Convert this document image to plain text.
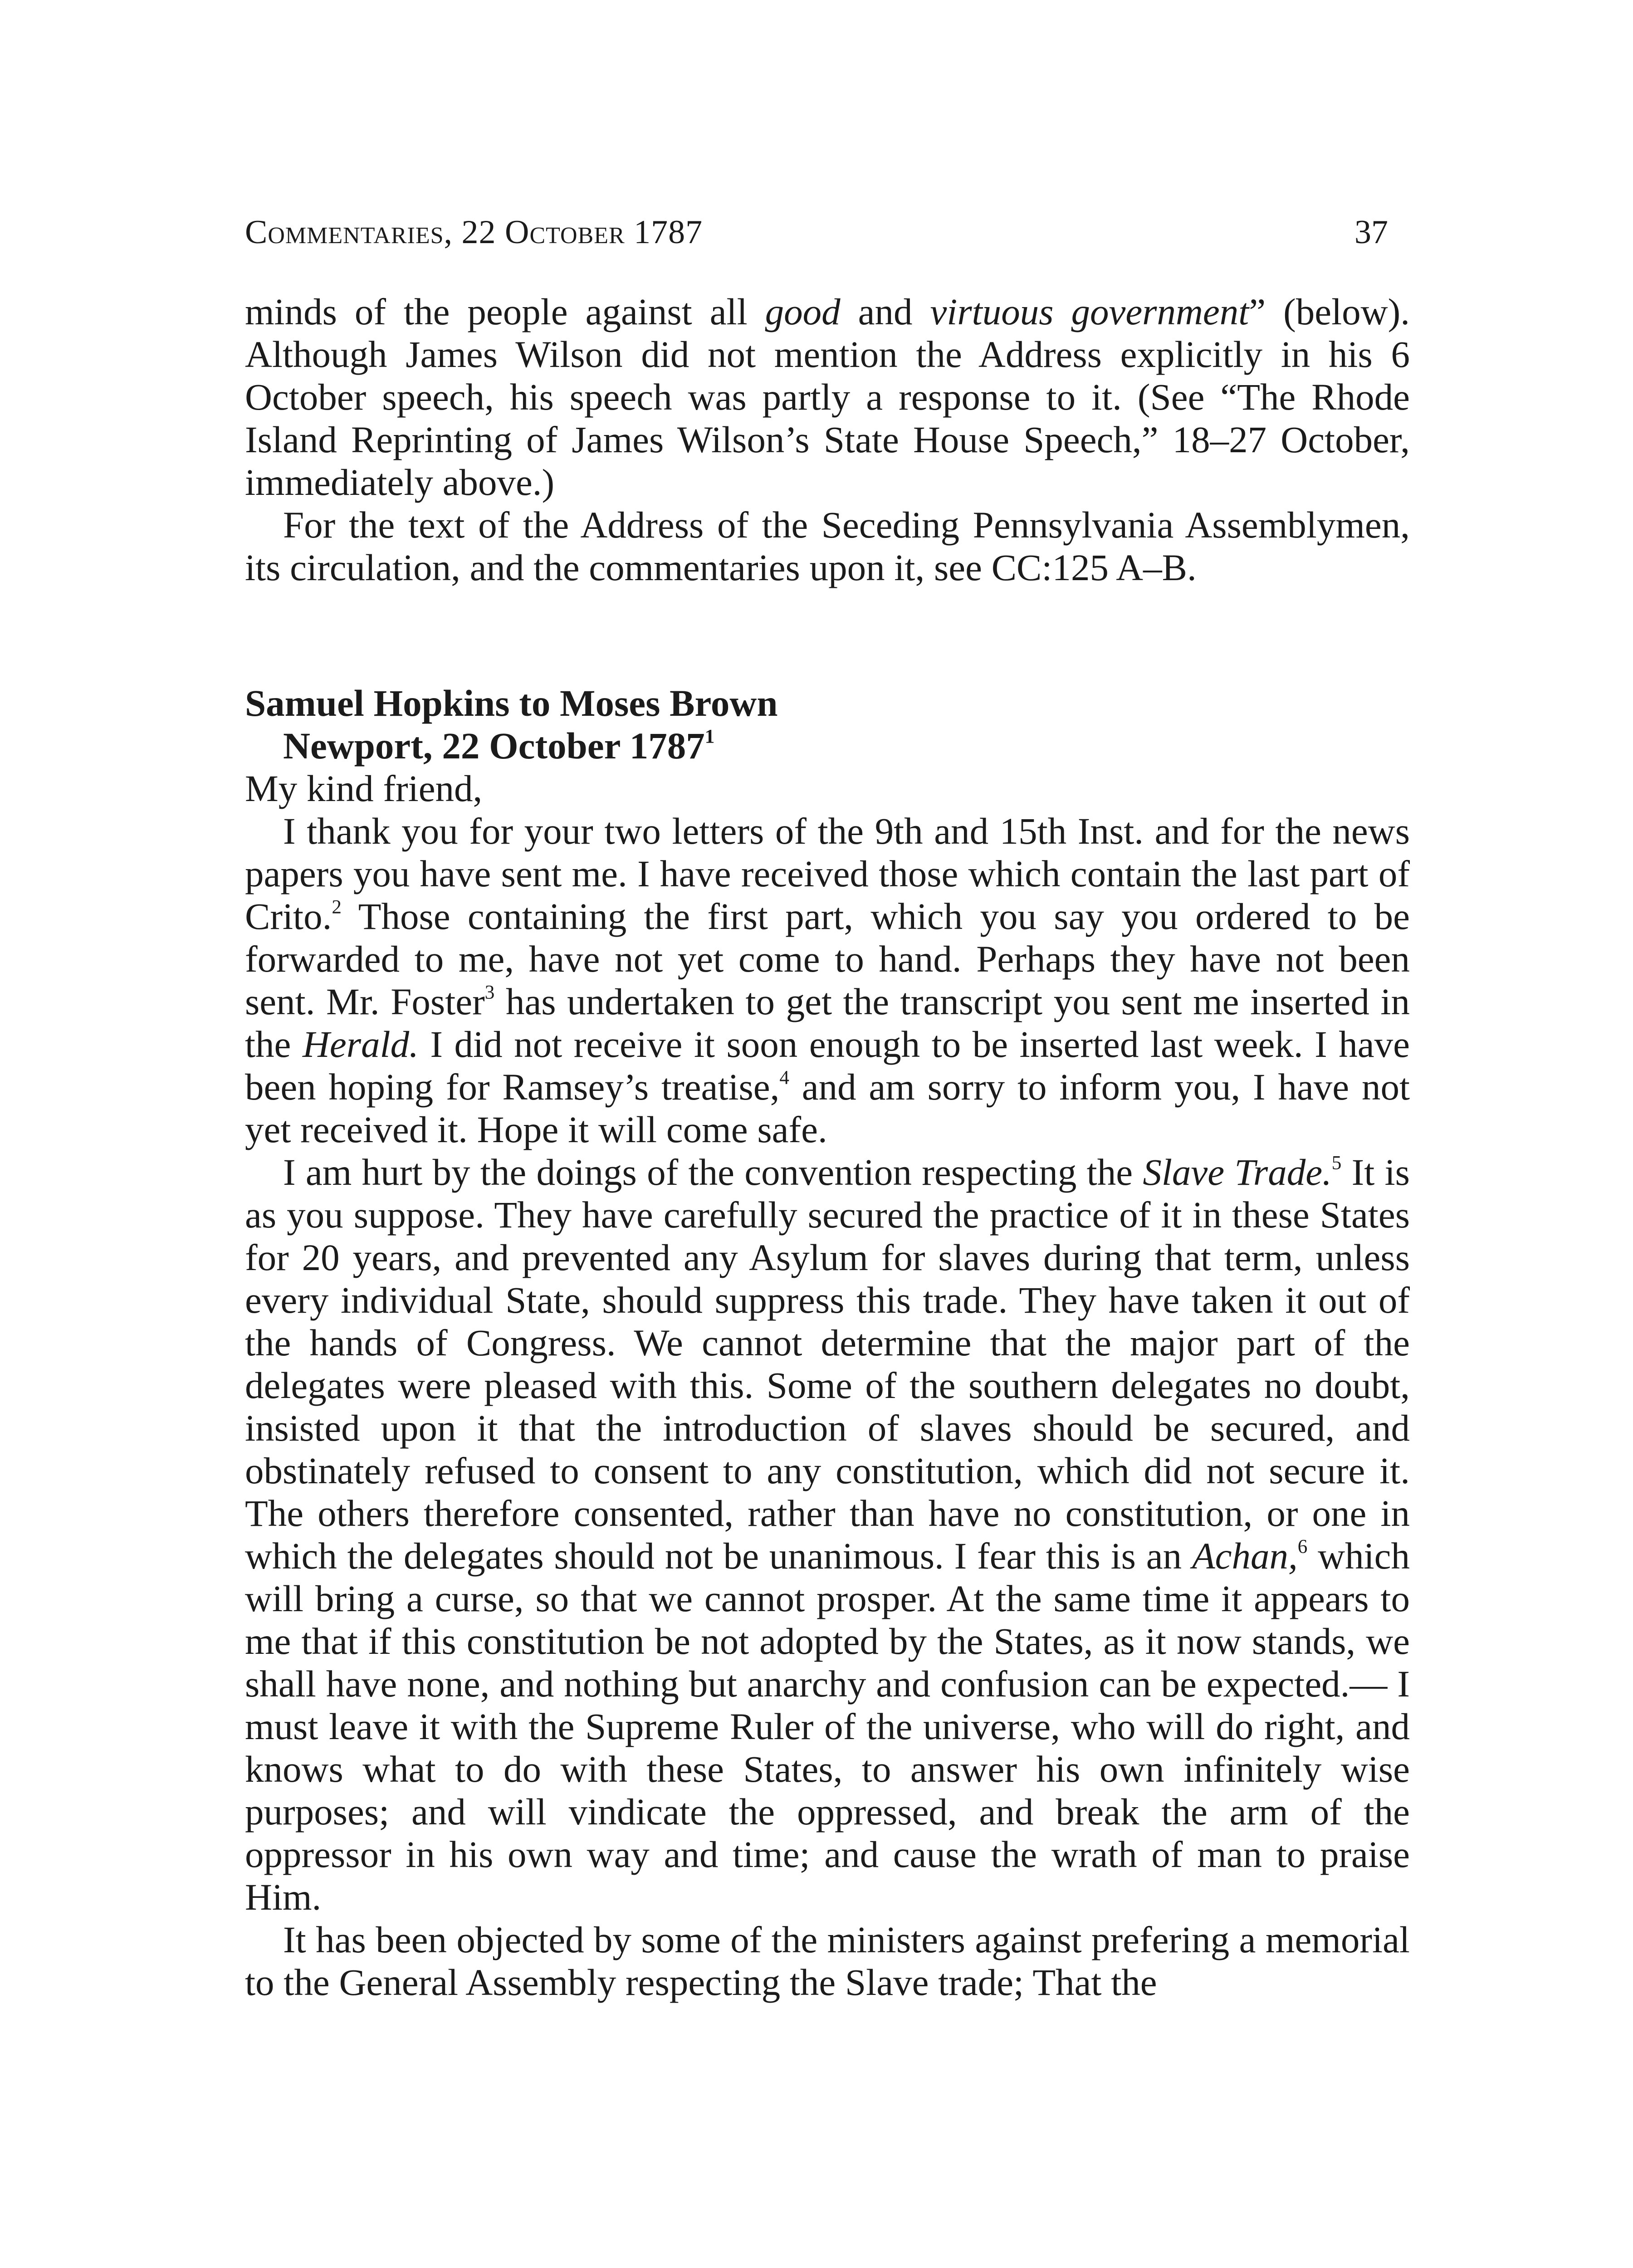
Commentaries, 22 October 1787	37

minds of the people against all good and virtuous government” (below). Although James Wilson did not mention the Address explicitly in his 6 October speech, his speech was partly a response to it. (See “The Rhode Island Reprinting of James Wilson’s State House Speech,” 18–27 October, immediately above.)

For the text of the Address of the Seceding Pennsylvania Assemblymen, its circulation, and the commentaries upon it, see CC:125 A–B.

Samuel Hopkins to Moses Brown
Newport, 22 October 1787$^1$

My kind friend,

I thank you for your two letters of the 9th and 15th Inst. and for the news papers you have sent me. I have received those which contain the last part of Crito.$^2$ Those containing the first part, which you say you ordered to be forwarded to me, have not yet come to hand. Perhaps they have not been sent. Mr. Foster$^3$ has undertaken to get the transcript you sent me inserted in the Herald. I did not receive it soon enough to be inserted last week. I have been hoping for Ramsey’s treatise,$^4$ and am sorry to inform you, I have not yet received it. Hope it will come safe.

I am hurt by the doings of the convention respecting the Slave Trade.$^5$ It is as you suppose. They have carefully secured the practice of it in these States for 20 years, and prevented any Asylum for slaves during that term, unless every individual State, should suppress this trade. They have taken it out of the hands of Congress. We cannot determine that the major part of the delegates were pleased with this. Some of the southern delegates no doubt, insisted upon it that the introduction of slaves should be secured, and obstinately refused to consent to any constitution, which did not secure it. The others therefore consented, rather than have no constitution, or one in which the delegates should not be unanimous. I fear this is an Achan,$^6$ which will bring a curse, so that we cannot prosper. At the same time it appears to me that if this constitution be not adopted by the States, as it now stands, we shall have none, and nothing but anarchy and confusion can be expected.— I must leave it with the Supreme Ruler of the universe, who will do right, and knows what to do with these States, to answer his own infinitely wise purposes; and will vindicate the oppressed, and break the arm of the oppressor in his own way and time; and cause the wrath of man to praise Him.

It has been objected by some of the ministers against prefering a memorial to the General Assembly respecting the Slave trade; That the
